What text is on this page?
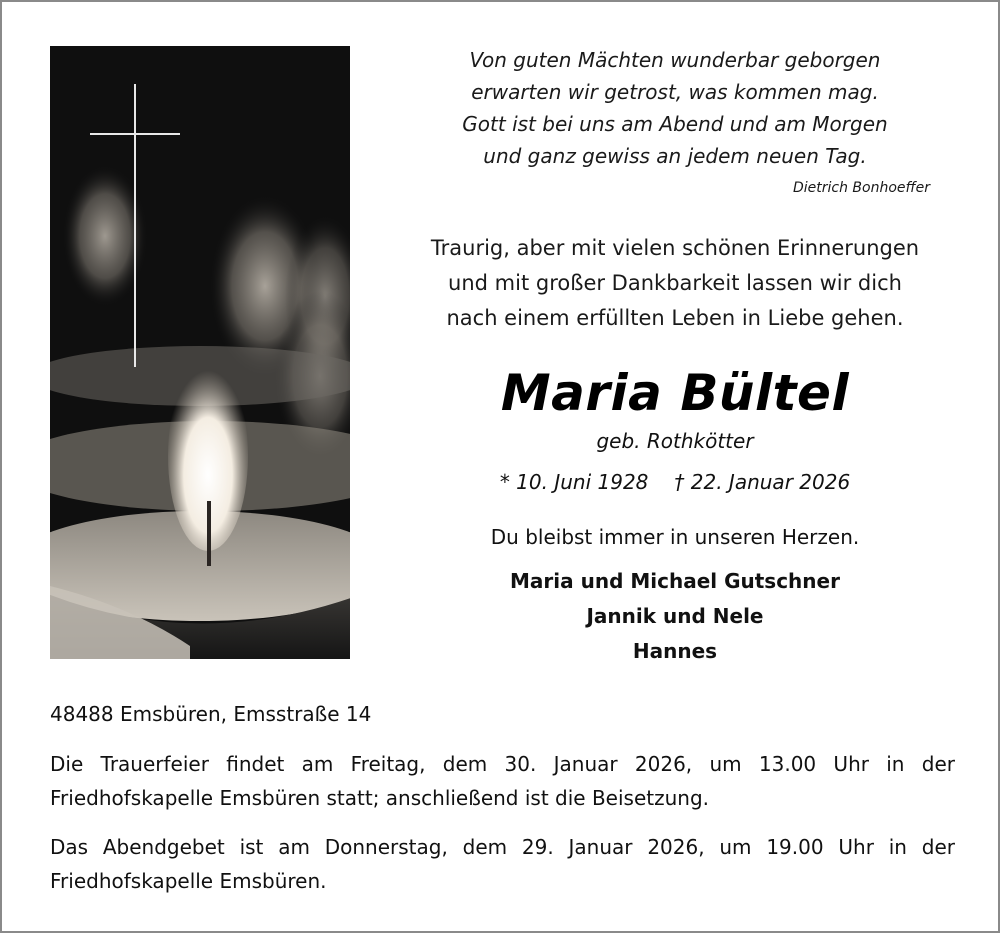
Von guten Mächten wunderbar geborgen
erwarten wir getrost, was kommen mag.
Gott ist bei uns am Abend und am Morgen
und ganz gewiss an jedem neuen Tag.
Dietrich Bonhoeffer
Traurig, aber mit vielen schönen Erinnerungen
und mit großer Dankbarkeit lassen wir dich
nach einem erfüllten Leben in Liebe gehen.
Maria Bültel
geb. Rothkötter
* 10. Juni 1928 † 22. Januar 2026
Du bleibst immer in unseren Herzen.
Maria und Michael Gutschner
Jannik und Nele
Hannes
48488 Emsbüren, Emsstraße 14
Die Trauerfeier findet am Freitag, dem 30. Januar 2026, um 13.00 Uhr in der
Friedhofskapelle Emsbüren statt; anschließend ist die Beisetzung.
Das Abendgebet ist am Donnerstag, dem 29. Januar 2026, um 19.00 Uhr in der
Friedhofskapelle Emsbüren.
